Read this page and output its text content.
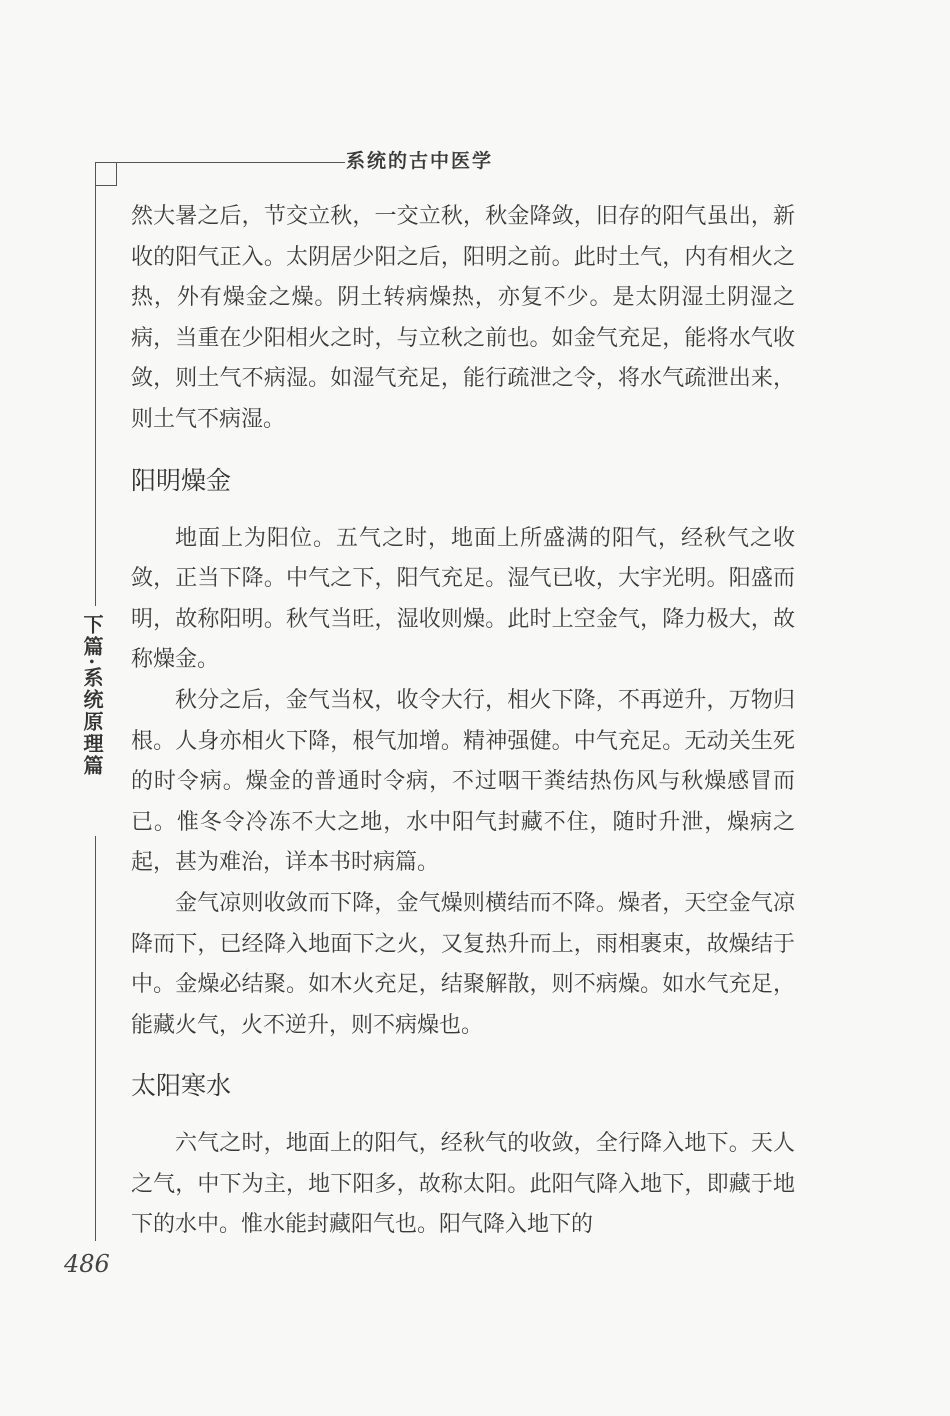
系统的古中医学
下篇·系统原理篇

然大暑之后，节交立秋，一交立秋，秋金降敛，旧存的阳气虽出，新收的阳气正入。太阴居少阳之后，阳明之前。此时土气，内有相火之热，外有燥金之燥。阴土转病燥热，亦复不少。是太阴湿土阴湿之病，当重在少阳相火之时，与立秋之前也。如金气充足，能将水气收敛，则土气不病湿。如湿气充足，能行疏泄之令，将水气疏泄出来，则土气不病湿。

阳明燥金

地面上为阳位。五气之时，地面上所盛满的阳气，经秋气之收敛，正当下降。中气之下，阳气充足。湿气已收，大宇光明。阳盛而明，故称阳明。秋气当旺，湿收则燥。此时上空金气，降力极大，故称燥金。

秋分之后，金气当权，收令大行，相火下降，不再逆升，万物归根。人身亦相火下降，根气加增。精神强健。中气充足。无动关生死的时令病。燥金的普通时令病，不过咽干粪结热伤风与秋燥感冒而已。惟冬令冷冻不大之地，水中阳气封藏不住，随时升泄，燥病之起，甚为难治，详本书时病篇。

金气凉则收敛而下降，金气燥则横结而不降。燥者，天空金气凉降而下，已经降入地面下之火，又复热升而上，雨相裹束，故燥结于中。金燥必结聚。如木火充足，结聚解散，则不病燥。如水气充足，能藏火气，火不逆升，则不病燥也。

太阳寒水

六气之时，地面上的阳气，经秋气的收敛，全行降入地下。天人之气，中下为主，地下阳多，故称太阳。此阳气降入地下，即藏于地下的水中。惟水能封藏阳气也。阳气降入地下的

486
